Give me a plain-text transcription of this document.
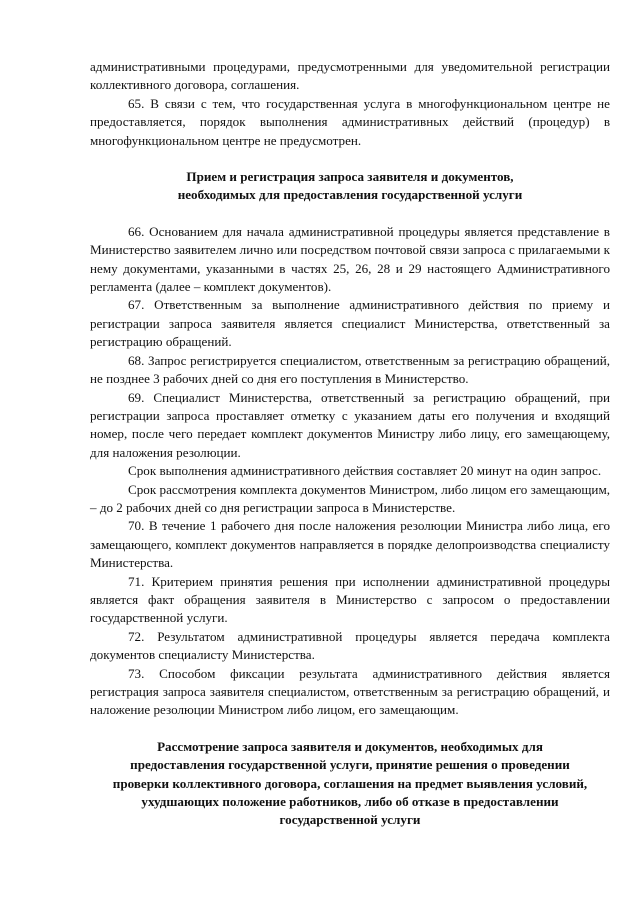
административными процедурами, предусмотренными для уведомительной регистрации коллективного договора, соглашения.

65. В связи с тем, что государственная услуга в многофункциональном центре не предоставляется, порядок выполнения административных действий (процедур) в многофункциональном центре не предусмотрен.

Прием и регистрация запроса заявителя и документов,
необходимых для предоставления государственной услуги

66. Основанием для начала административной процедуры является представление в Министерство заявителем лично или посредством почтовой связи запроса с прилагаемыми к нему документами, указанными в частях 25, 26, 28 и 29 настоящего Административного регламента (далее – комплект документов).

67. Ответственным за выполнение административного действия по приему и регистрации запроса заявителя является специалист Министерства, ответственный за регистрацию обращений.

68. Запрос регистрируется специалистом, ответственным за регистрацию обращений, не позднее 3 рабочих дней со дня его поступления в Министерство.

69. Специалист Министерства, ответственный за регистрацию обращений, при регистрации запроса проставляет отметку с указанием даты его получения и входящий номер, после чего передает комплект документов Министру либо лицу, его замещающему, для наложения резолюции.

Срок выполнения административного действия составляет 20 минут на один запрос.

Срок рассмотрения комплекта документов Министром, либо лицом его замещающим, – до 2 рабочих дней со дня регистрации запроса в Министерстве.

70. В течение 1 рабочего дня после наложения резолюции Министра либо лица, его замещающего, комплект документов направляется в порядке делопроизводства специалисту Министерства.

71. Критерием принятия решения при исполнении административной процедуры является факт обращения заявителя в Министерство с запросом о предоставлении государственной услуги.

72. Результатом административной процедуры является передача комплекта документов специалисту Министерства.

73. Способом фиксации результата административного действия является регистрация запроса заявителя специалистом, ответственным за регистрацию обращений, и наложение резолюции Министром либо лицом, его замещающим.

Рассмотрение запроса заявителя и документов, необходимых для
предоставления государственной услуги, принятие решения о проведении
проверки коллективного договора, соглашения на предмет выявления условий,
ухудшающих положение работников, либо об отказе в предоставлении
государственной услуги
